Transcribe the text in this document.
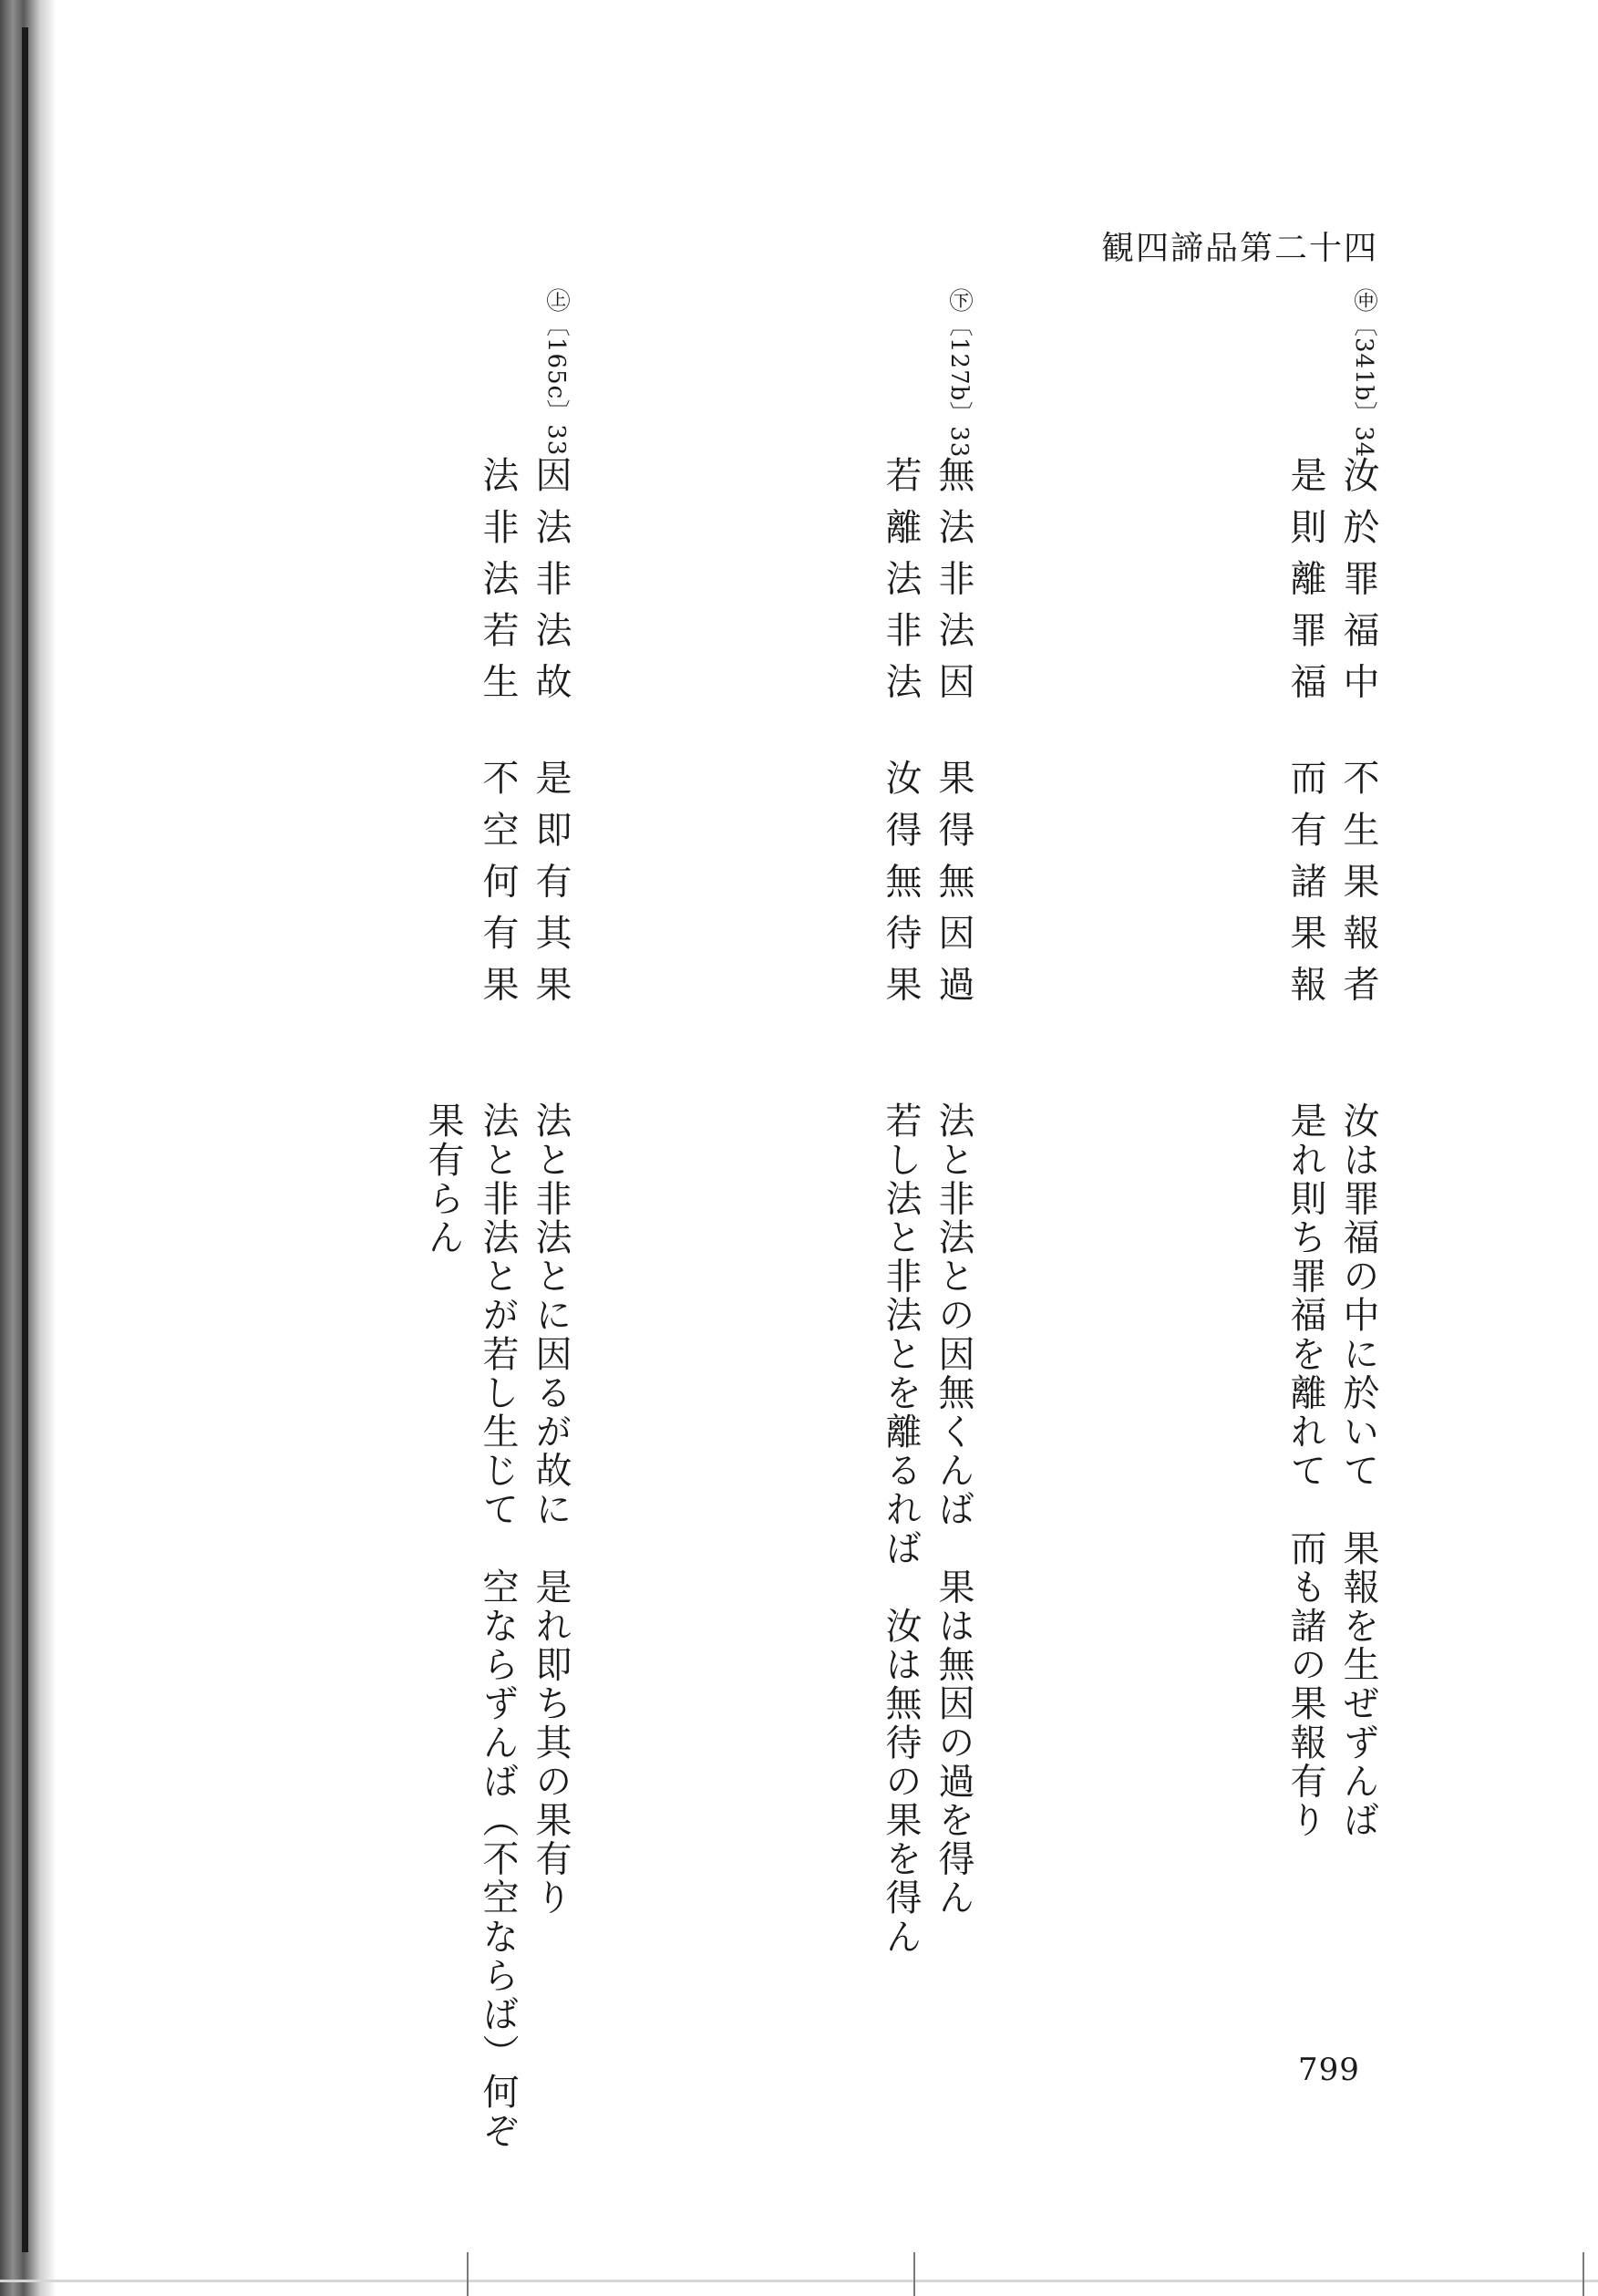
観四諦品第二十四
㊥〔341b〕34
汝於罪福中
不生果報者
是則離罪福
而有諸果報
汝は罪福の中に於いて　果報を生ぜずんば
是れ則ち罪福を離れて　而も諸の果報有り
㊦〔127b〕33
無法非法因
果得無因過
若離法非法
汝得無待果
法と非法との因無くんば　果は無因の過を得ん
若し法と非法とを離るれば　汝は無待の果を得ん
㊤〔165c〕33
因法非法故
是即有其果
法非法若生
不空何有果
法と非法とに因るが故に　是れ即ち其の果有り
法と非法とが若し生じて　空ならずんば（不空ならば）何ぞ
果有らん
799
